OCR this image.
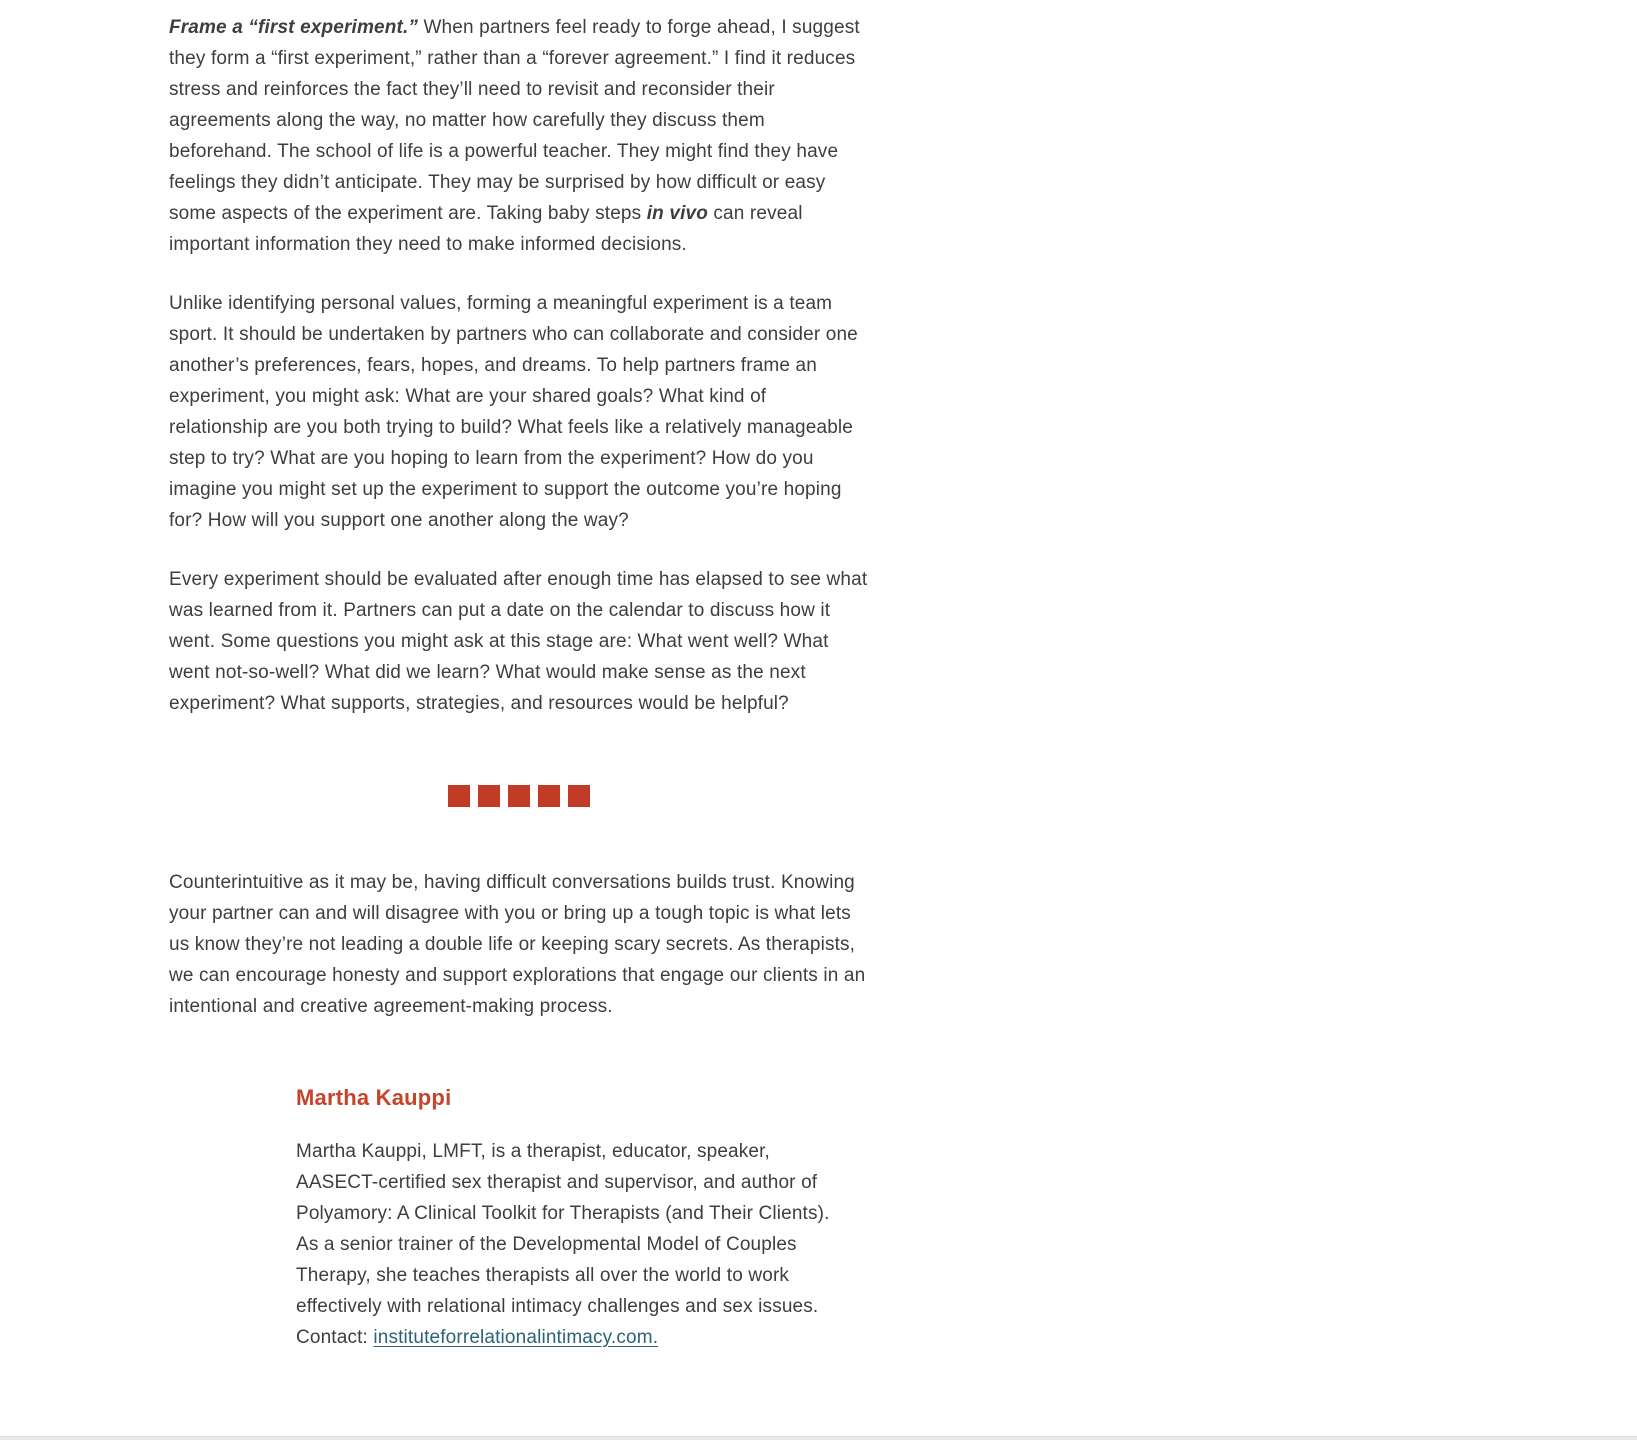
Frame a “first experiment.” When partners feel ready to forge ahead, I suggest they form a “first experiment,” rather than a “forever agreement.” I find it reduces stress and reinforces the fact they’ll need to revisit and reconsider their agreements along the way, no matter how carefully they discuss them beforehand. The school of life is a powerful teacher. They might find they have feelings they didn’t anticipate. They may be surprised by how difficult or easy some aspects of the experiment are. Taking baby steps in vivo can reveal important information they need to make informed decisions.

Unlike identifying personal values, forming a meaningful experiment is a team sport. It should be undertaken by partners who can collaborate and consider one another’s preferences, fears, hopes, and dreams. To help partners frame an experiment, you might ask: What are your shared goals? What kind of relationship are you both trying to build? What feels like a relatively manageable step to try? What are you hoping to learn from the experiment? How do you imagine you might set up the experiment to support the outcome you’re hoping for? How will you support one another along the way?

Every experiment should be evaluated after enough time has elapsed to see what was learned from it. Partners can put a date on the calendar to discuss how it went. Some questions you might ask at this stage are: What went well? What went not-so-well? What did we learn? What would make sense as the next experiment? What supports, strategies, and resources would be helpful?

Counterintuitive as it may be, having difficult conversations builds trust. Knowing your partner can and will disagree with you or bring up a tough topic is what lets us know they’re not leading a double life or keeping scary secrets. As therapists, we can encourage honesty and support explorations that engage our clients in an intentional and creative agreement-making process.

Martha Kauppi

Martha Kauppi, LMFT, is a therapist, educator, speaker, AASECT-certified sex therapist and supervisor, and author of Polyamory: A Clinical Toolkit for Therapists (and Their Clients). As a senior trainer of the Developmental Model of Couples Therapy, she teaches therapists all over the world to work effectively with relational intimacy challenges and sex issues. Contact: instituteforrelationalintimacy.com.
